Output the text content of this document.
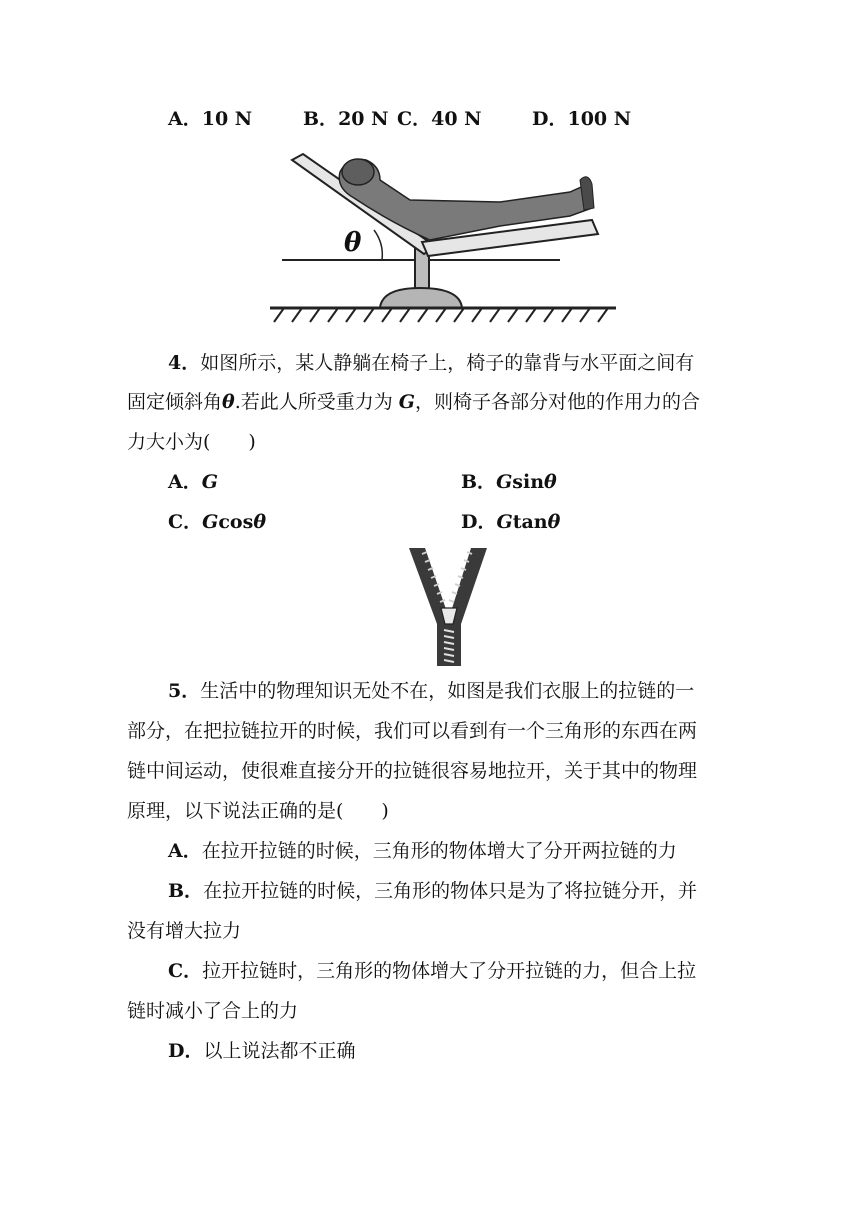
A．10 N	B．20 N C．40 N	D．100 N
θ
4．如图所示，某人静躺在椅子上，椅子的靠背与水平面之间有
固定倾斜角θ.若此人所受重力为 G，则椅子各部分对他的作用力的合
力大小为(　　)
A．G	B．Gsinθ
C．Gcosθ	D．Gtanθ
5．生活中的物理知识无处不在，如图是我们衣服上的拉链的一
部分，在把拉链拉开的时候，我们可以看到有一个三角形的东西在两
链中间运动，使很难直接分开的拉链很容易地拉开，关于其中的物理
原理，以下说法正确的是(　　)
A．在拉开拉链的时候，三角形的物体增大了分开两拉链的力
B．在拉开拉链的时候，三角形的物体只是为了将拉链分开，并
没有增大拉力
C．拉开拉链时，三角形的物体增大了分开拉链的力，但合上拉
链时减小了合上的力
D．以上说法都不正确
